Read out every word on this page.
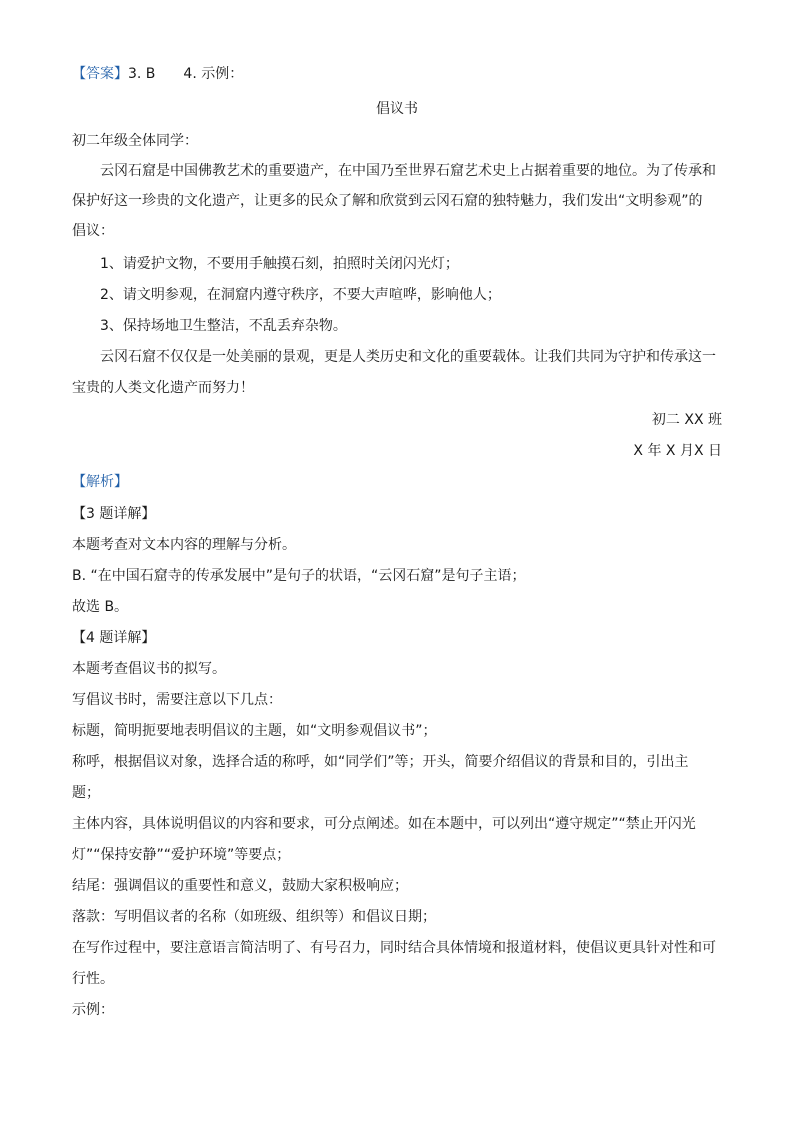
【答案】3. B　　4. 示例：
倡议书
初二年级全体同学：
云冈石窟是中国佛教艺术的重要遗产，在中国乃至世界石窟艺术史上占据着重要的地位。为了传承和
保护好这一珍贵的文化遗产，让更多的民众了解和欣赏到云冈石窟的独特魅力，我们发出“文明参观”的
倡议：
1、请爱护文物，不要用手触摸石刻，拍照时关闭闪光灯；
2、请文明参观，在洞窟内遵守秩序，不要大声喧哗，影响他人；
3、保持场地卫生整洁，不乱丢弃杂物。
云冈石窟不仅仅是一处美丽的景观，更是人类历史和文化的重要载体。让我们共同为守护和传承这一
宝贵的人类文化遗产而努力！
初二 XX 班
X 年 X 月X 日
【解析】
【3 题详解】
本题考查对文本内容的理解与分析。
B. “在中国石窟寺的传承发展中”是句子的状语，“云冈石窟”是句子主语；
故选 B。
【4 题详解】
本题考查倡议书的拟写。
写倡议书时，需要注意以下几点：
标题，简明扼要地表明倡议的主题，如“文明参观倡议书”；
称呼，根据倡议对象，选择合适的称呼，如“同学们”等；开头，简要介绍倡议的背景和目的，引出主
题；
主体内容，具体说明倡议的内容和要求，可分点阐述。如在本题中，可以列出“遵守规定”“禁止开闪光
灯”“保持安静”“爱护环境”等要点；
结尾：强调倡议的重要性和意义，鼓励大家积极响应；
落款：写明倡议者的名称（如班级、组织等）和倡议日期；
在写作过程中，要注意语言简洁明了、有号召力，同时结合具体情境和报道材料，使倡议更具针对性和可
行性。
示例：
